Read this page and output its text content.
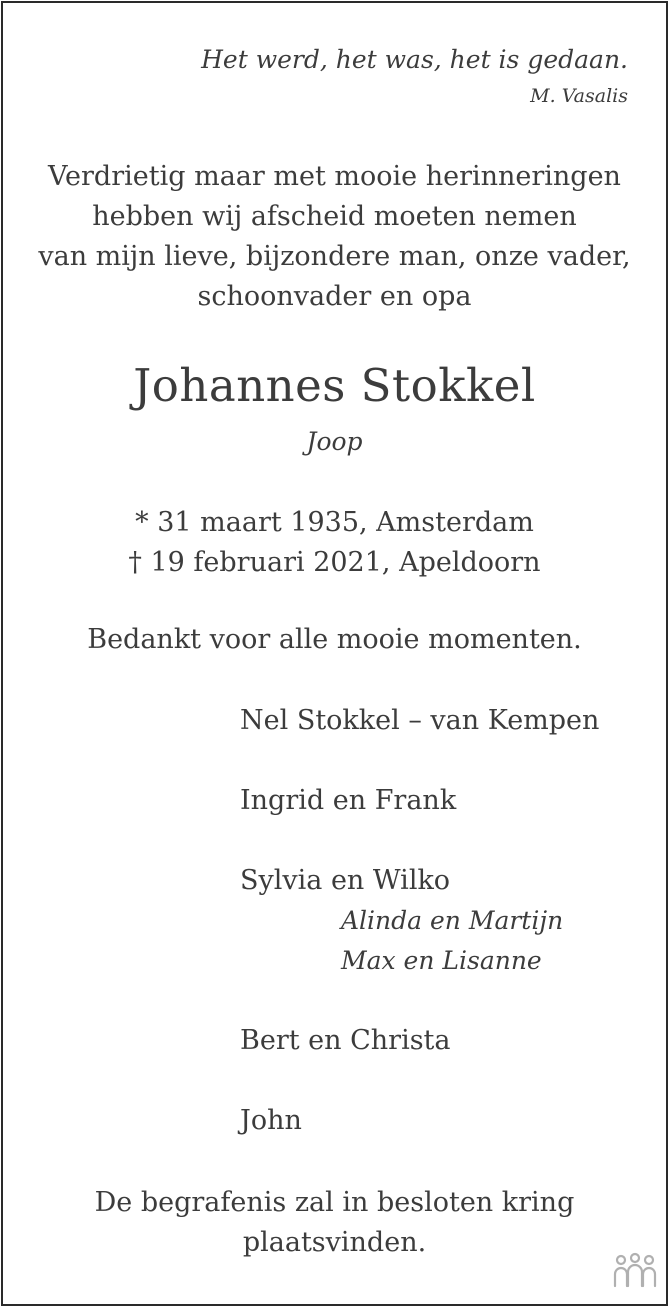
Het werd, het was, het is gedaan.
M. Vasalis
Verdrietig maar met mooie herinneringen
hebben wij afscheid moeten nemen
van mijn lieve, bijzondere man, onze vader,
schoonvader en opa
Johannes Stokkel
Joop
* 31 maart 1935, Amsterdam
† 19 februari 2021, Apeldoorn
Bedankt voor alle mooie momenten.
Nel Stokkel – van Kempen
Ingrid en Frank
Sylvia en Wilko
Alinda en Martijn
Max en Lisanne
Bert en Christa
John
De begrafenis zal in besloten kring
plaatsvinden.
